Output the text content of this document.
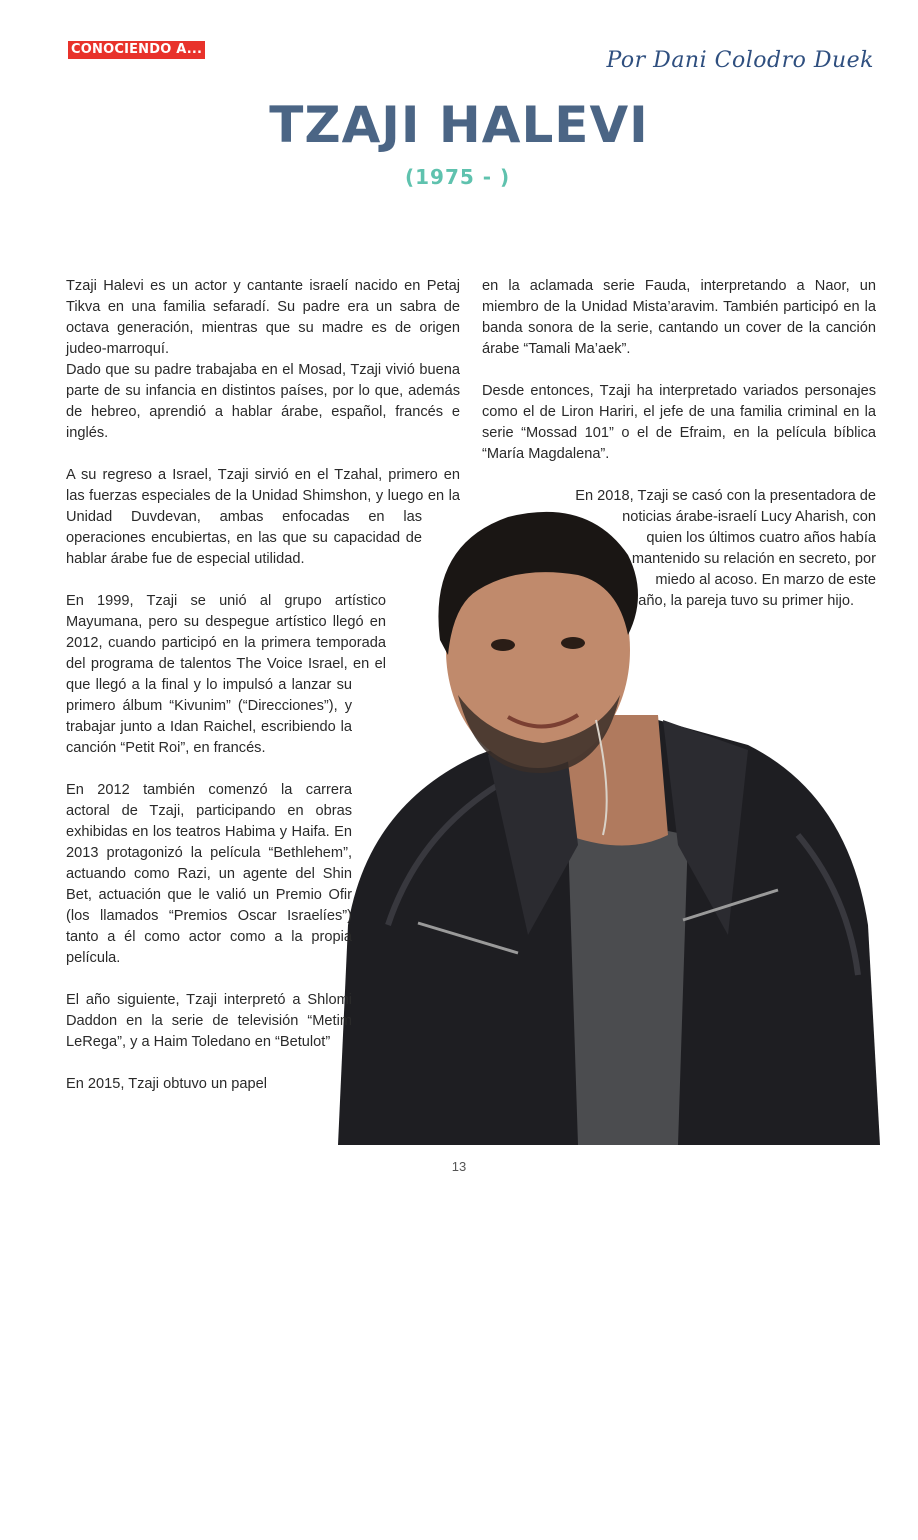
CONOCIENDO A...	Por Dani Colodro Duek
TZAJI HALEVI
(1975 - )

Tzaji Halevi es un actor y cantante israelí nacido en Petaj Tikva en una familia sefaradí. Su padre era un sabra de octava generación, mientras que su madre es de origen judeo-marroquí.

Dado que su padre trabajaba en el Mosad, Tzaji vivió buena parte de su infancia en distintos países, por lo que, además de hebreo, aprendió a hablar árabe, español, francés e inglés.

A su regreso a Israel, Tzaji sirvió en el Tzahal, primero en las fuerzas especiales de la Unidad Shimshon, y luego en la Unidad Duvdevan, ambas enfocadas en las operaciones encubiertas, en las que su capacidad de hablar árabe fue de especial utilidad.

En 1999, Tzaji se unió al grupo artístico Mayumana, pero su despegue artístico llegó en 2012, cuando participó en la primera temporada del programa de talentos The Voice Israel, en el que llegó a la final y lo impulsó a lanzar su primero álbum “Kivunim” (“Direcciones”), y trabajar junto a Idan Raichel, escribiendo la canción “Petit Roi”, en francés.

En 2012 también comenzó la carrera actoral de Tzaji, participando en obras exhibidas en los teatros Habima y Haifa. En 2013 protagonizó la película “Bethlehem”, actuando como Razi, un agente del Shin Bet, actuación que le valió un Premio Ofir (los llamados “Premios Oscar Israelíes”) tanto a él como actor como a la propia película.

El año siguiente, Tzaji interpretó a Shlomi Daddon en la serie de televisión “Metim LeRega”, y a Haim Toledano en “Betulot”

En 2015, Tzaji obtuvo un papel

en la aclamada serie Fauda, interpretando a Naor, un miembro de la Unidad Mista’aravim. También participó en la banda sonora de la serie, cantando un cover de la canción árabe “Tamali Ma’aek”.

Desde entonces, Tzaji ha interpretado variados personajes como el de Liron Hariri, el jefe de una familia criminal en la serie “Mossad 101” o el de Efraim, en la película bíblica “María Magdalena”.

En 2018, Tzaji se casó con la presentadora de
noticias árabe-israelí Lucy Aharish, con
quien los últimos cuatro años había
mantenido su relación en secreto, por
miedo al acoso. En marzo de este
año, la pareja tuvo su primer hijo.
13
